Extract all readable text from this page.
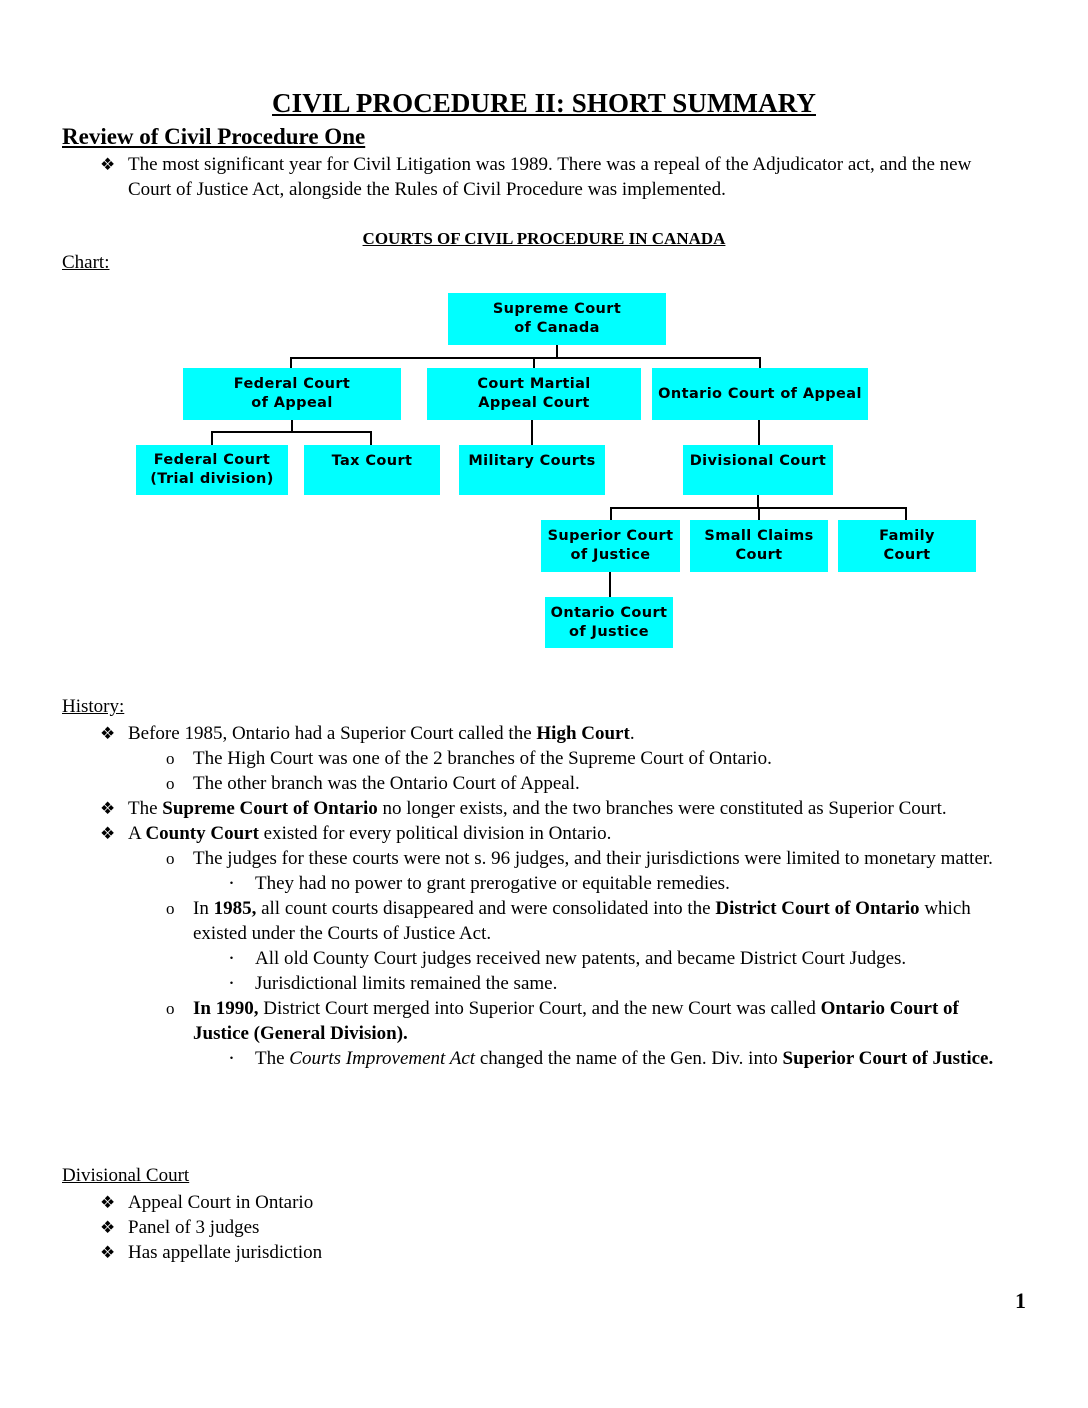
CIVIL PROCEDURE II: SHORT SUMMARY
Review of Civil Procedure One
❖ The most significant year for Civil Litigation was 1989. There was a repeal of the Adjudicator act, and the new Court of Justice Act, alongside the Rules of Civil Procedure was implemented.
COURTS OF CIVIL PROCEDURE IN CANADA
Chart:
Supreme Court
of Canada
Federal Court
of Appeal
Court Martial
Appeal Court
Ontario Court of Appeal
Federal Court
(Trial division)
Tax Court	Military Courts	Divisional Court
Superior Court
of Justice
Small Claims
Court
Family
Court
Ontario Court
of Justice
History:
❖ Before 1985, Ontario had a Superior Court called the High Court.
o The High Court was one of the 2 branches of the Supreme Court of Ontario.
o The other branch was the Ontario Court of Appeal.
❖ The Supreme Court of Ontario no longer exists, and the two branches were constituted as Superior Court.
❖ A County Court existed for every political division in Ontario.
o The judges for these courts were not s. 96 judges, and their jurisdictions were limited to monetary matter.
·	They had no power to grant prerogative or equitable remedies.
o In 1985, all count courts disappeared and were consolidated into the District Court of Ontario which existed under the Courts of Justice Act.
·	All old County Court judges received new patents, and became District Court Judges.
·	Jurisdictional limits remained the same.
o In 1990, District Court merged into Superior Court, and the new Court was called Ontario Court of Justice (General Division).
·	The Courts Improvement Act changed the name of the Gen. Div. into Superior Court of Justice.
Divisional Court
❖ Appeal Court in Ontario
❖ Panel of 3 judges
❖ Has appellate jurisdiction
1
